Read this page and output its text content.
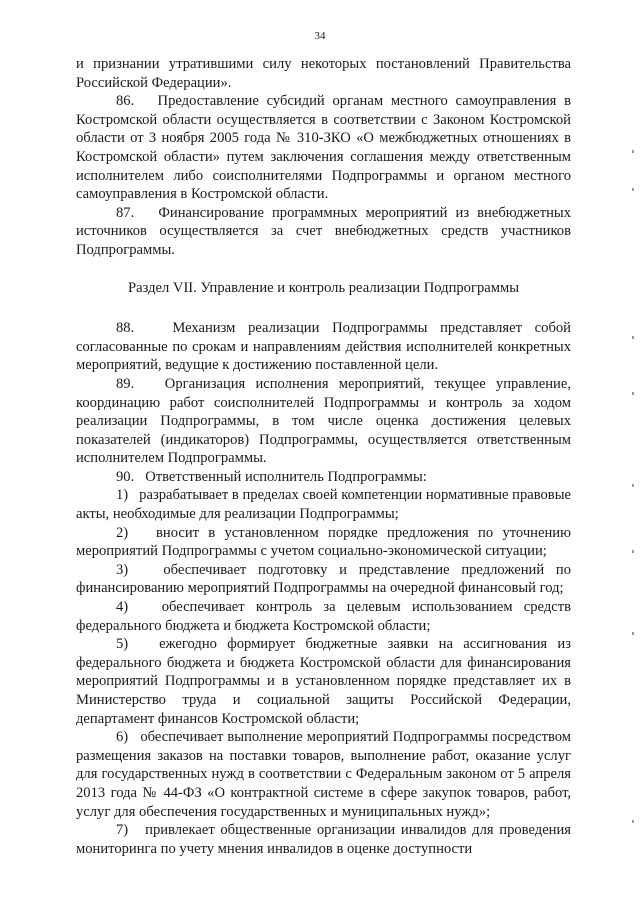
34

и признании утратившими силу некоторых постановлений Правительства Российской Федерации».

86.   Предоставление субсидий органам местного самоуправления в Костромской области осуществляется в соответствии с Законом Костромской области от 3 ноября 2005 года № 310-ЗКО «О межбюджетных отношениях в Костромской области» путем заключения соглашения между ответственным исполнителем либо соисполнителями Подпрограммы и органом местного самоуправления в Костромской области.

87.   Финансирование программных мероприятий из внебюджетных источников осуществляется за счет внебюджетных средств участников Подпрограммы.

Раздел VII. Управление и контроль реализации Подпрограммы

88.   Механизм реализации Подпрограммы представляет собой согласованные по срокам и направлениям действия исполнителей конкретных мероприятий, ведущие к достижению поставленной цели.

89.   Организация исполнения мероприятий, текущее управление, координацию работ соисполнителей Подпрограммы и контроль за ходом реализации Подпрограммы, в том числе оценка достижения целевых показателей (индикаторов) Подпрограммы, осуществляется ответственным исполнителем Подпрограммы.

90.   Ответственный исполнитель Подпрограммы:

1)   разрабатывает в пределах своей компетенции нормативные правовые акты, необходимые для реализации Подпрограммы;

2)   вносит в установленном порядке предложения по уточнению мероприятий Подпрограммы с учетом социально-экономической ситуации;

3)   обеспечивает подготовку и представление предложений по финансированию мероприятий Подпрограммы на очередной финансовый год;

4)   обеспечивает контроль за целевым использованием средств федерального бюджета и бюджета Костромской области;

5)   ежегодно формирует бюджетные заявки на ассигнования из федерального бюджета и бюджета Костромской области для финансирования мероприятий Подпрограммы и в установленном порядке представляет их в Министерство труда и социальной защиты Российской Федерации, департамент финансов Костромской области;

6)   обеспечивает выполнение мероприятий Подпрограммы посредством размещения заказов на поставки товаров, выполнение работ, оказание услуг для государственных нужд в соответствии с Федеральным законом от 5 апреля 2013 года № 44-ФЗ «О контрактной системе в сфере закупок товаров, работ, услуг для обеспечения государственных и муниципальных нужд»;

7)   привлекает общественные организации инвалидов для проведения мониторинга по учету мнения инвалидов в оценке доступности
